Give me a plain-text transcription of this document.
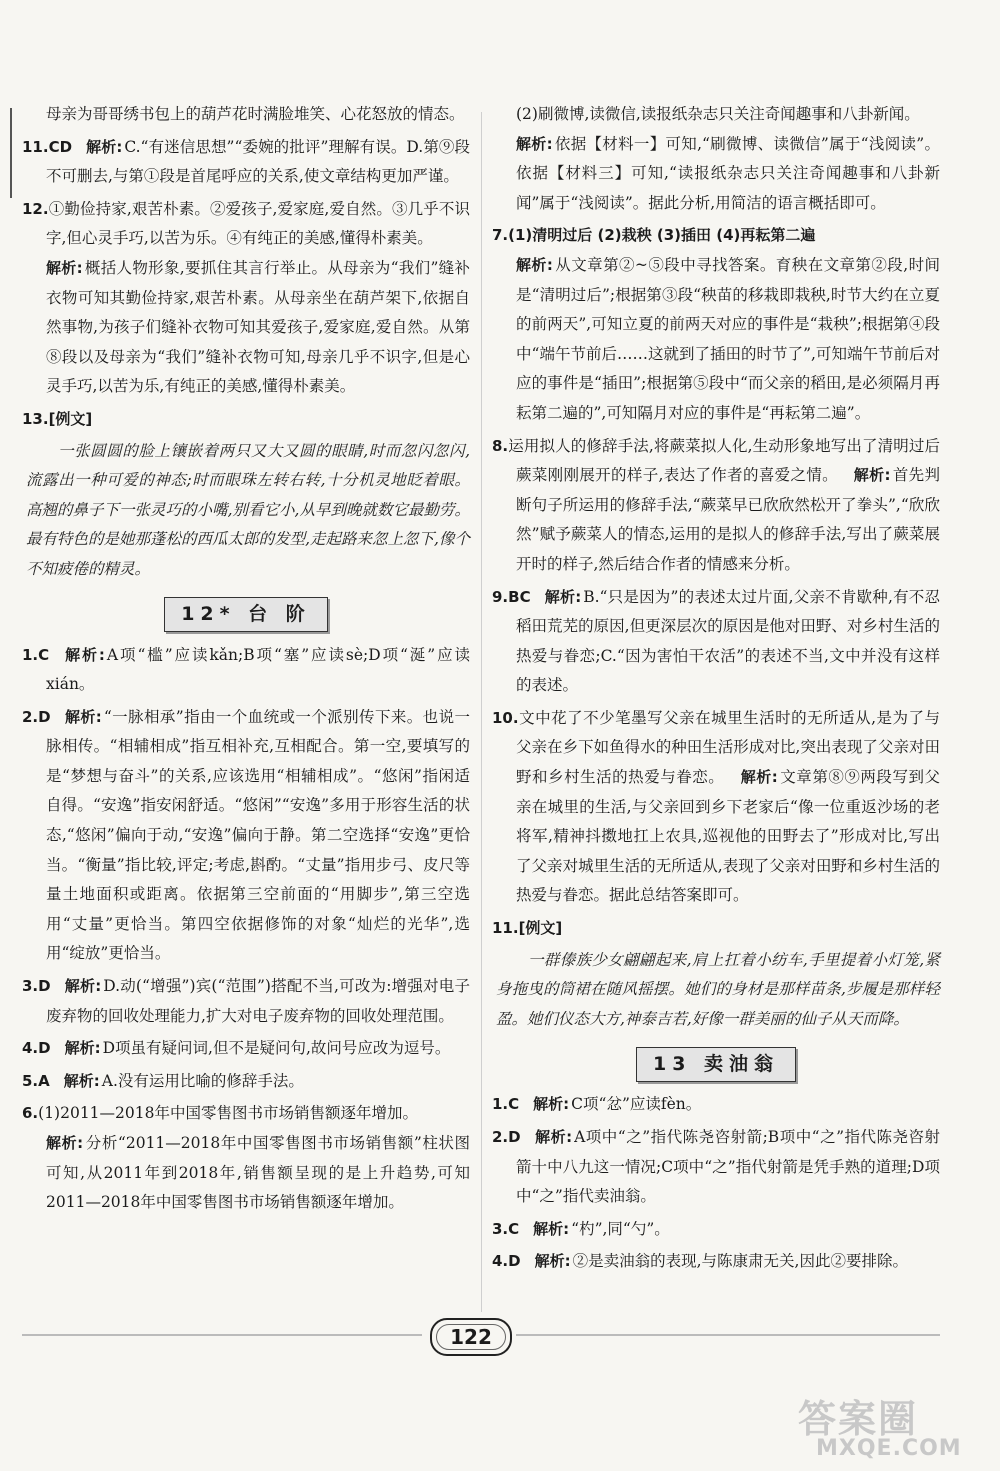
母亲为哥哥绣书包上的葫芦花时满脸堆笑、心花怒放的情态。

11.CD 解析: C.“有迷信思想”“委婉的批评”理解有误。D.第⑨段不可删去,与第①段是首尾呼应的关系,使文章结构更加严谨。

12.①勤俭持家,艰苦朴素。②爱孩子,爱家庭,爱自然。③几乎不识字,但心灵手巧,以苦为乐。④有纯正的美感,懂得朴素美。
解析: 概括人物形象,要抓住其言行举止。从母亲为“我们”缝补衣物可知其勤俭持家,艰苦朴素。从母亲坐在葫芦架下,依据自然事物,为孩子们缝补衣物可知其爱孩子,爱家庭,爱自然。从第⑧段以及母亲为“我们”缝补衣物可知,母亲几乎不识字,但是心灵手巧,以苦为乐,有纯正的美感,懂得朴素美。

13.[例文]

一张圆圆的脸上镶嵌着两只又大又圆的眼睛,时而忽闪忽闪,流露出一种可爱的神态;时而眼珠左转右转,十分机灵地眨着眼。高翘的鼻子下一张灵巧的小嘴,别看它小,从早到晚就数它最勤劳。最有特色的是她那蓬松的西瓜太郎的发型,走起路来忽上忽下,像个不知疲倦的精灵。

12* 台 阶

1.C 解析: A项“槛”应读kǎn;B项“塞”应读sè;D项“涎”应读xián。

2.D 解析: “一脉相承”指由一个血统或一个派别传下来。也说一脉相传。“相辅相成”指互相补充,互相配合。第一空,要填写的是“梦想与奋斗”的关系,应该选用“相辅相成”。“悠闲”指闲适自得。“安逸”指安闲舒适。“悠闲”“安逸”多用于形容生活的状态,“悠闲”偏向于动,“安逸”偏向于静。第二空选择“安逸”更恰当。“衡量”指比较,评定;考虑,斟酌。“丈量”指用步弓、皮尺等量土地面积或距离。依据第三空前面的“用脚步”,第三空选用“丈量”更恰当。第四空依据修饰的对象“灿烂的光华”,选用“绽放”更恰当。

3.D 解析: D.动(“增强”)宾(“范围”)搭配不当,可改为:增强对电子废弃物的回收处理能力,扩大对电子废弃物的回收处理范围。

4.D 解析: D项虽有疑问词,但不是疑问句,故问号应改为逗号。

5.A 解析: A.没有运用比喻的修辞手法。

6.(1)2011—2018年中国零售图书市场销售额逐年增加。
解析: 分析“2011—2018年中国零售图书市场销售额”柱状图可知,从2011年到2018年,销售额呈现的是上升趋势,可知2011—2018年中国零售图书市场销售额逐年增加。

(2)刷微博,读微信,读报纸杂志只关注奇闻趣事和八卦新闻。
解析: 依据【材料一】可知,“刷微博、读微信”属于“浅阅读”。依据【材料三】可知,“读报纸杂志只关注奇闻趣事和八卦新闻”属于“浅阅读”。据此分析,用简洁的语言概括即可。

7.(1)清明过后 (2)栽秧 (3)插田 (4)再耘第二遍
解析: 从文章第②~⑤段中寻找答案。育秧在文章第②段,时间是“清明过后”;根据第③段“秧苗的移栽即栽秧,时节大约在立夏的前两天”,可知立夏的前两天对应的事件是“栽秧”;根据第④段中“端午节前后……这就到了插田的时节了”,可知端午节前后对应的事件是“插田”;根据第⑤段中“而父亲的稻田,是必须隔月再耘第二遍的”,可知隔月对应的事件是“再耘第二遍”。

8.运用拟人的修辞手法,将蕨菜拟人化,生动形象地写出了清明过后蕨菜刚刚展开的样子,表达了作者的喜爱之情。 解析: 首先判断句子所运用的修辞手法,“蕨菜早已欣欣然松开了拳头”,“欣欣然”赋予蕨菜人的情态,运用的是拟人的修辞手法,写出了蕨菜展开时的样子,然后结合作者的情感来分析。

9.BC 解析: B.“只是因为”的表述太过片面,父亲不肯歇种,有不忍稻田荒芜的原因,但更深层次的原因是他对田野、对乡村生活的热爱与眷恋;C.“因为害怕干农活”的表述不当,文中并没有这样的表述。

10.文中花了不少笔墨写父亲在城里生活时的无所适从,是为了与父亲在乡下如鱼得水的种田生活形成对比,突出表现了父亲对田野和乡村生活的热爱与眷恋。 解析: 文章第⑧⑨两段写到父亲在城里的生活,与父亲回到乡下老家后“像一位重返沙场的老将军,精神抖擞地扛上农具,巡视他的田野去了”形成对比,写出了父亲对城里生活的无所适从,表现了父亲对田野和乡村生活的热爱与眷恋。据此总结答案即可。

11.[例文]

一群傣族少女翩翩起来,肩上扛着小纺车,手里提着小灯笼,紧身拖曳的筒裙在随风摇摆。她们的身材是那样苗条,步履是那样轻盈。她们仪态大方,神泰吉若,好像一群美丽的仙子从天而降。

13 卖油翁

1.C 解析: C项“忿”应读fèn。

2.D 解析: A项中“之”指代陈尧咨射箭;B项中“之”指代陈尧咨射箭十中八九这一情况;C项中“之”指代射箭是凭手熟的道理;D项中“之”指代卖油翁。

3.C 解析: “杓”,同“勺”。

4.D 解析: ②是卖油翁的表现,与陈康肃无关,因此②要排除。

122
答案圈
MXQE.COM
